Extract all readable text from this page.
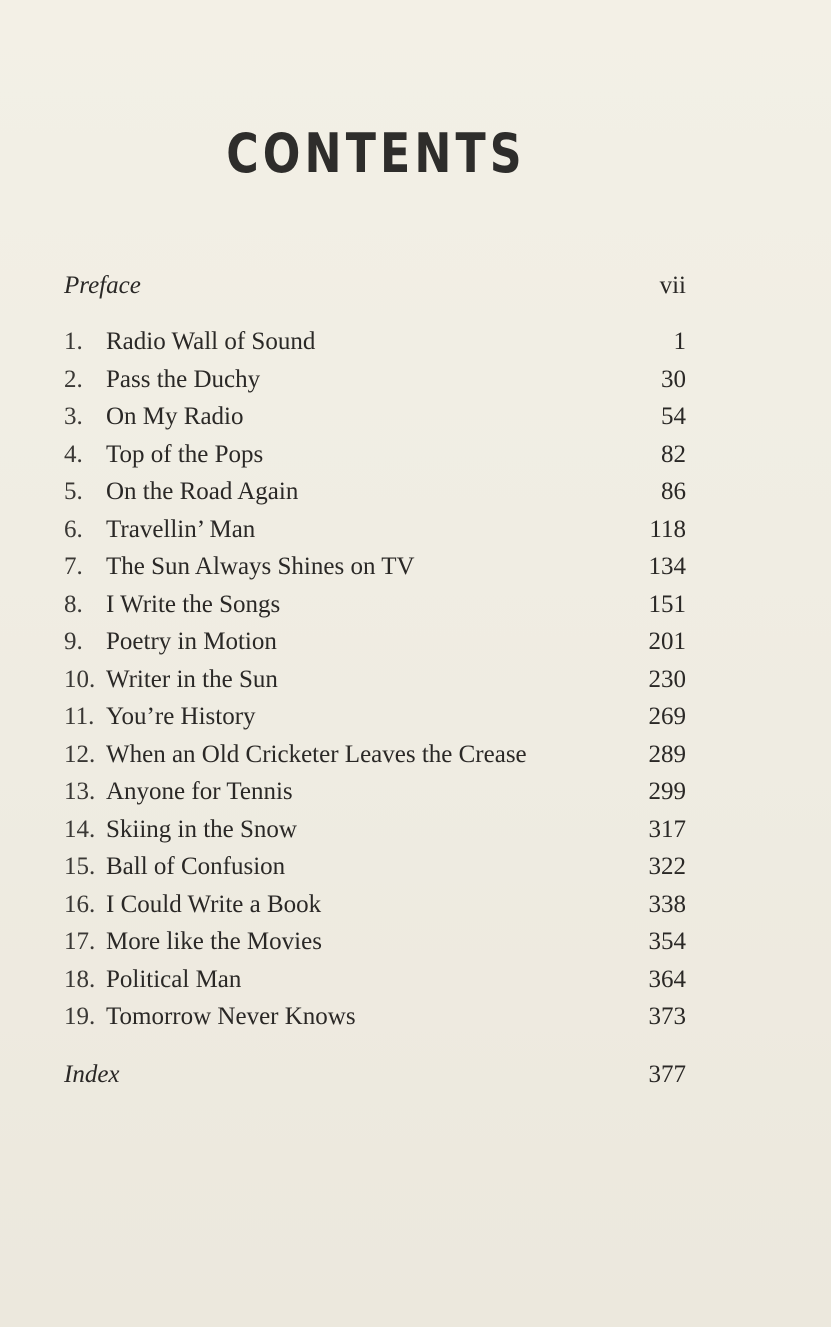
CONTENTS
Preface	vii
1. Radio Wall of Sound	1
2. Pass the Duchy	30
3. On My Radio	54
4. Top of the Pops	82
5. On the Road Again	86
6. Travellin’ Man	118
7. The Sun Always Shines on TV	134
8. I Write the Songs	151
9. Poetry in Motion	201
10. Writer in the Sun	230
11. You’re History	269
12. When an Old Cricketer Leaves the Crease	289
13. Anyone for Tennis	299
14. Skiing in the Snow	317
15. Ball of Confusion	322
16. I Could Write a Book	338
17. More like the Movies	354
18. Political Man	364
19. Tomorrow Never Knows	373
Index	377
